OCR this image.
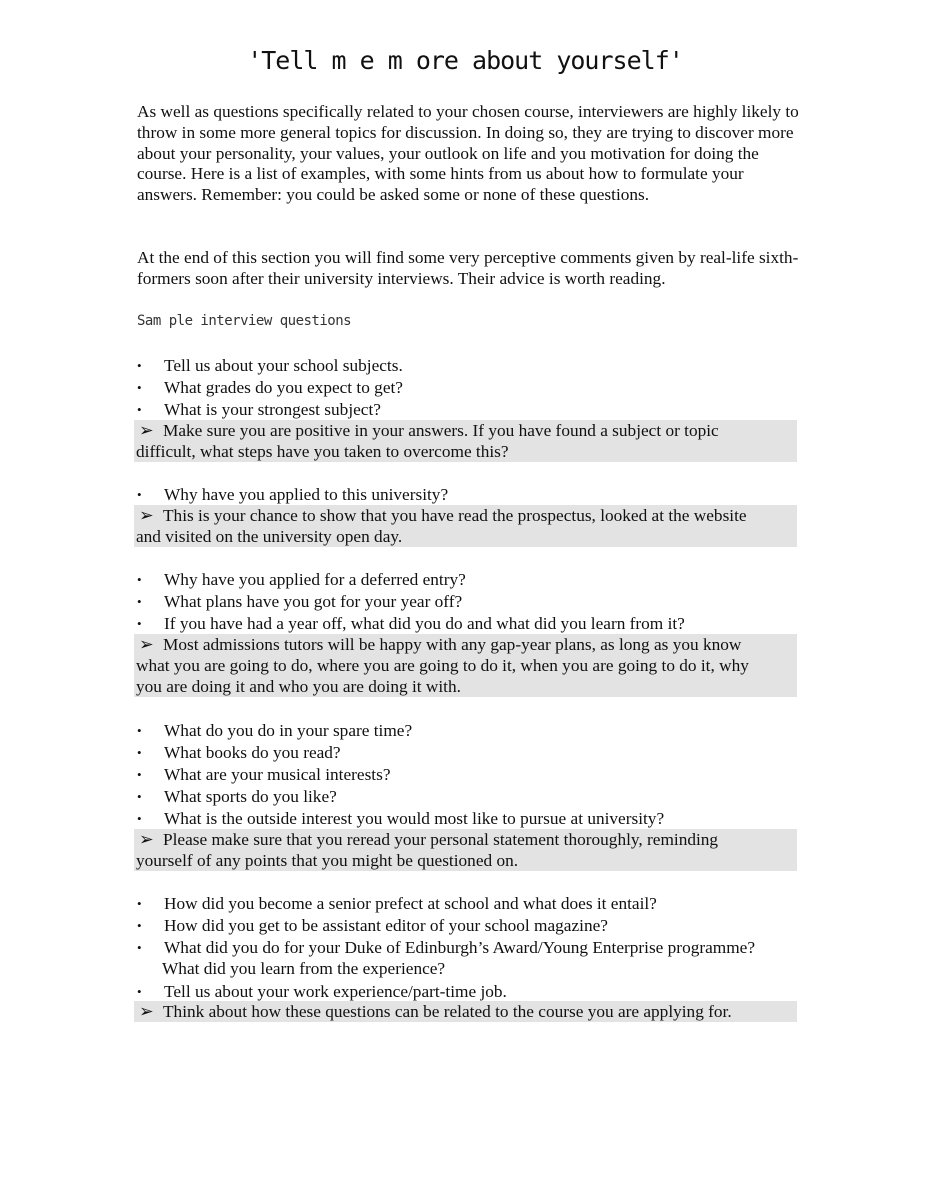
'Tell m e m ore about yourself'

As well as questions specifically related to your chosen course, interviewers are highly likely to throw in some more general topics for discussion. In doing so, they are trying to discover more about your personality, your values, your outlook on life and you motivation for doing the course. Here is a list of examples, with some hints from us about how to formulate your answers. Remember: you could be asked some or none of these questions.

At the end of this section you will find some very perceptive comments given by real-life sixth-formers soon after their university interviews. Their advice is worth reading.

Sam ple interview questions
•	Tell us about your school subjects.
•	What grades do you expect to get?
•	What is your strongest subject?
➢ Make sure you are positive in your answers. If you have found a subject or topic
difficult, what steps have you taken to overcome this?
•	Why have you applied to this university?
➢ This is your chance to show that you have read the prospectus, looked at the website
and visited on the university open day.
•	Why have you applied for a deferred entry?
•	What plans have you got for your year off?
•	If you have had a year off, what did you do and what did you learn from it?
➢ Most admissions tutors will be happy with any gap-year plans, as long as you know
what you are going to do, where you are going to do it, when you are going to do it, why
you are doing it and who you are doing it with.
•	What do you do in your spare time?
•	What books do you read?
•	What are your musical interests?
•	What sports do you like?
•	What is the outside interest you would most like to pursue at university?
➢ Please make sure that you reread your personal statement thoroughly, reminding
yourself of any points that you might be questioned on.
•	How did you become a senior prefect at school and what does it entail?
•	How did you get to be assistant editor of your school magazine?
• What did you do for your Duke of Edinburgh’s Award/Young Enterprise programme?
What did you learn from the experience?
•	Tell us about your work experience/part-time job.
➢ Think about how these questions can be related to the course you are applying for.
